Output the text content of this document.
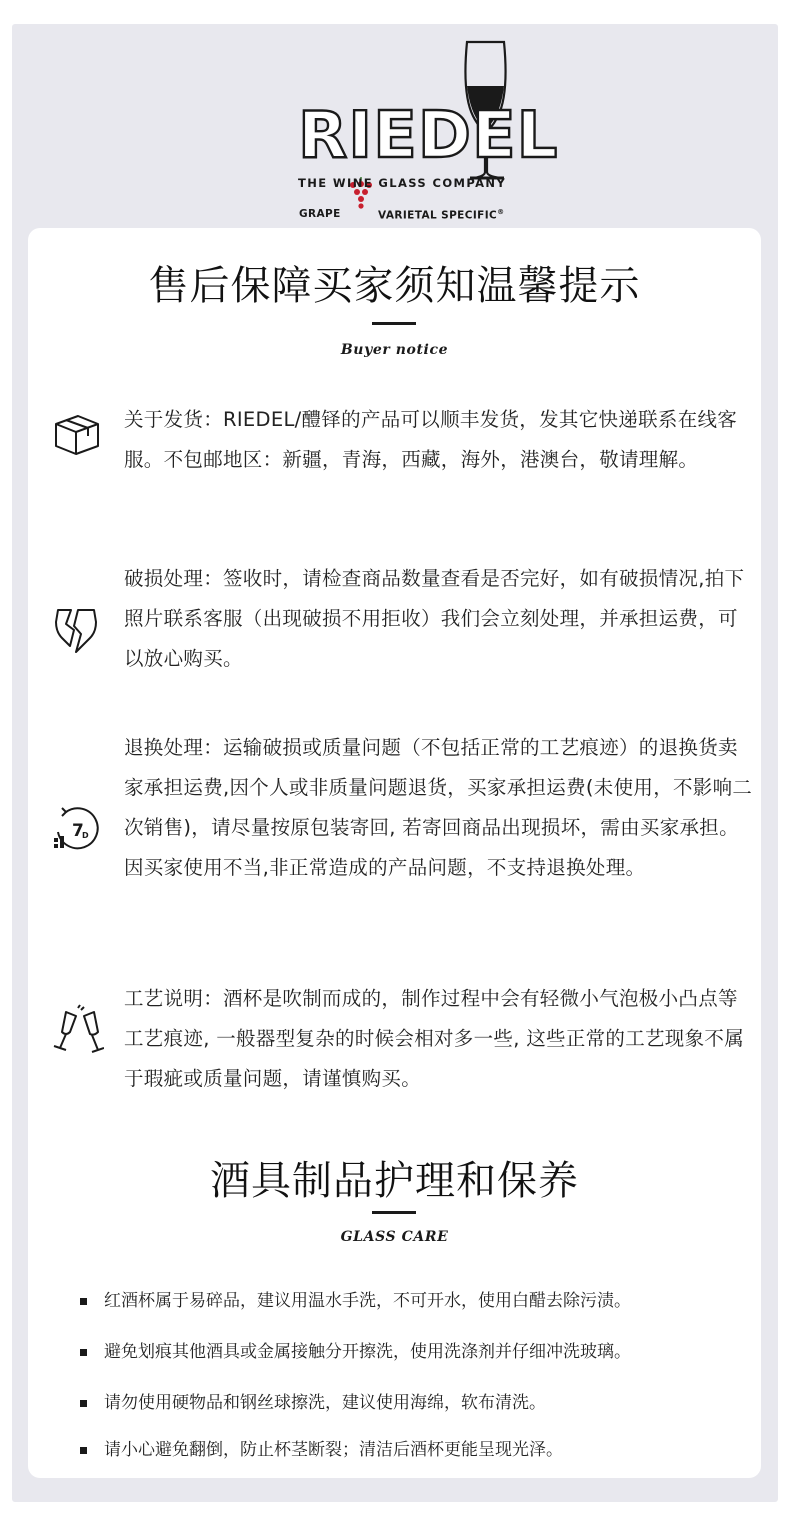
RIEDEL
THE WINE GLASS COMPANY
GRAPE	VARIETAL SPECIFIC®
售后保障买家须知温馨提示
Buyer notice
关于发货：RIEDEL/醴铎的产品可以顺丰发货，发其它快递联系在线客服。不包邮地区：新疆，青海，西藏，海外，港澳台，敬请理解。
破损处理：签收时，请检查商品数量查看是否完好，如有破损情况,拍下照片联系客服（出现破损不用拒收）我们会立刻处理，并承担运费，可以放心购买。
7
D
退换处理：运输破损或质量问题（不包括正常的工艺痕迹）的退换货卖家承担运费,因个人或非质量问题退货，买家承担运费(未使用，不影响二次销售)，请尽量按原包装寄回, 若寄回商品出现损坏，需由买家承担。因买家使用不当,非正常造成的产品问题，不支持退换处理。
工艺说明：酒杯是吹制而成的，制作过程中会有轻微小气泡极小凸点等工艺痕迹, 一般器型复杂的时候会相对多一些, 这些正常的工艺现象不属于瑕疵或质量问题，请谨慎购买。
酒具制品护理和保养
GLASS CARE
红酒杯属于易碎品，建议用温水手洗，不可开水，使用白醋去除污渍。
避免划痕其他酒具或金属接触分开擦洗，使用洗涤剂并仔细冲洗玻璃。
请勿使用硬物品和钢丝球擦洗，建议使用海绵，软布清洗。
请小心避免翻倒，防止杯茎断裂；清洁后酒杯更能呈现光泽。
